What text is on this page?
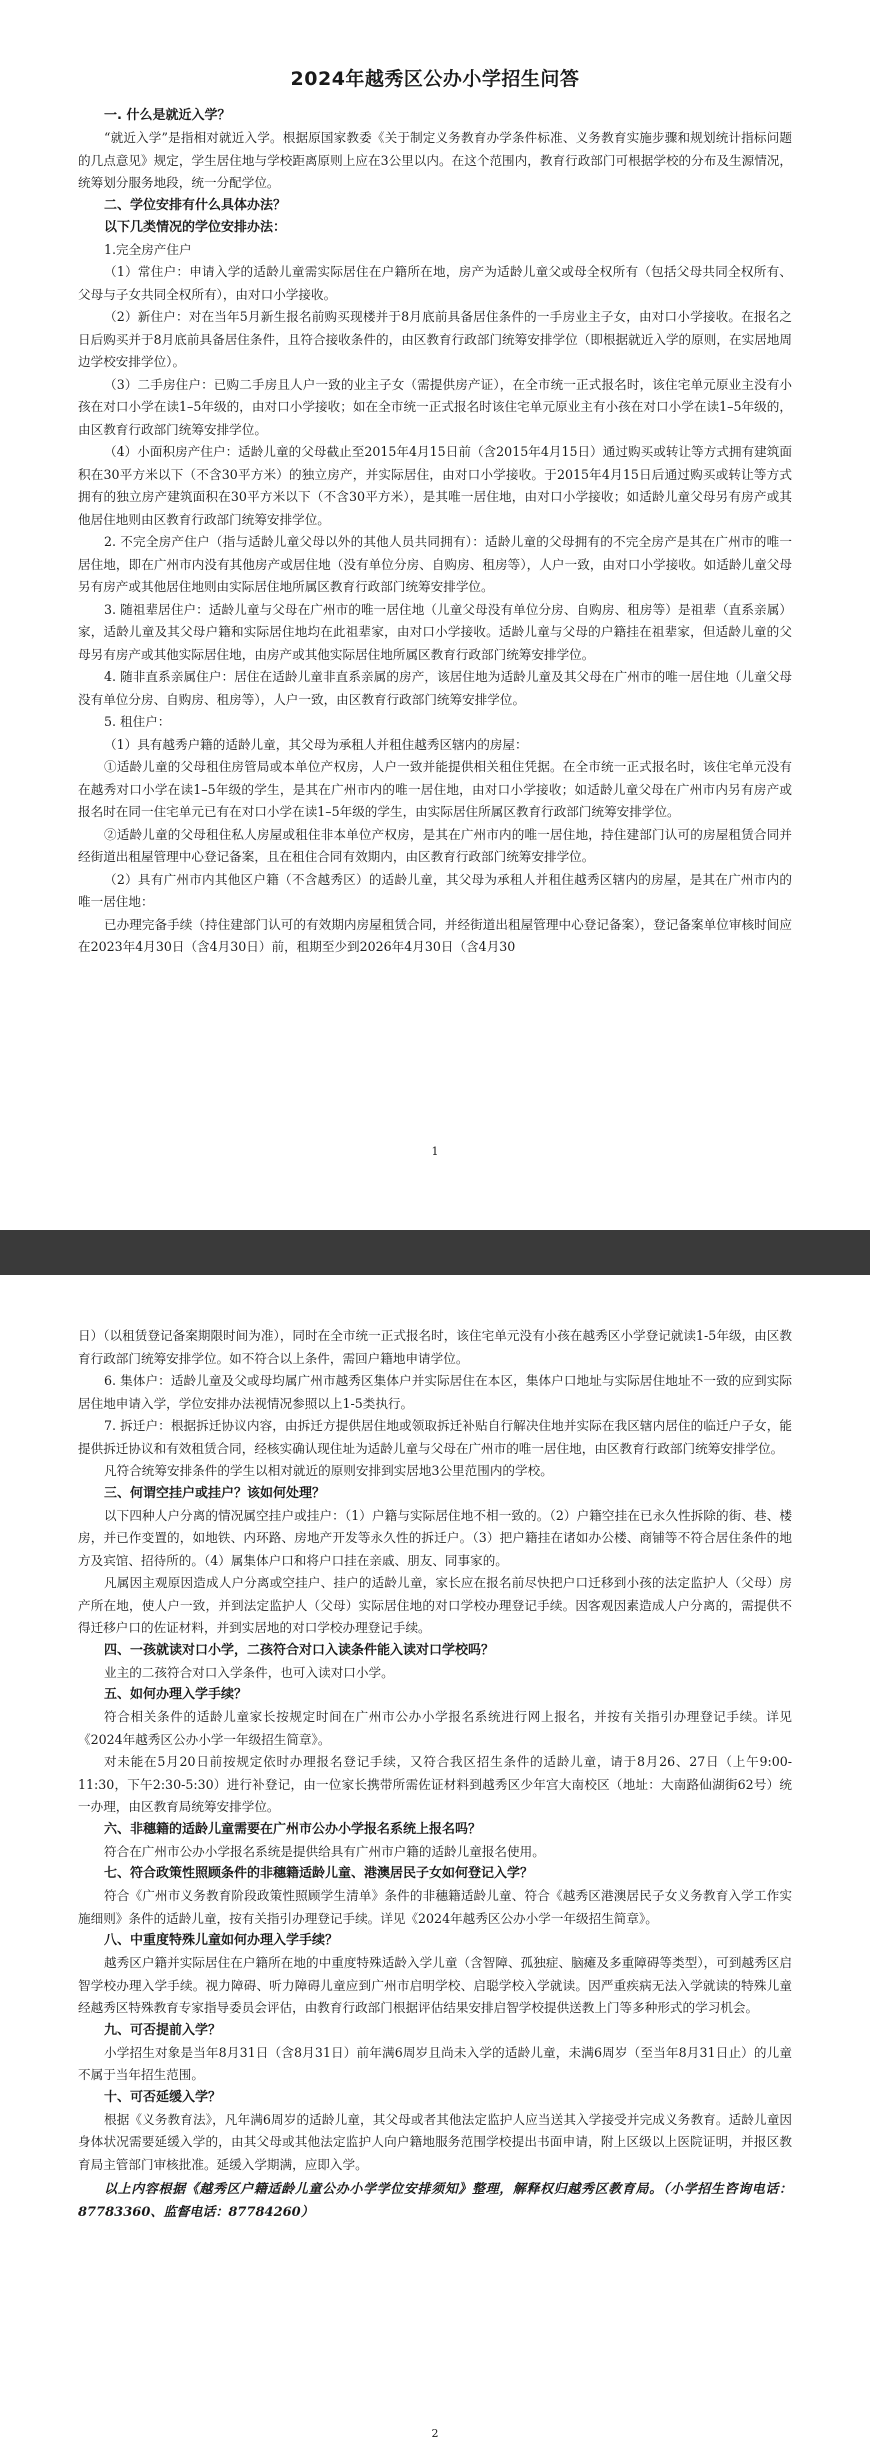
2024年越秀区公办小学招生问答
一. 什么是就近入学？
“就近入学”是指相对就近入学。根据原国家教委《关于制定义务教育办学条件标准、义务教育实施步骤和规划统计指标问题的几点意见》规定，学生居住地与学校距离原则上应在3公里以内。在这个范围内，教育行政部门可根据学校的分布及生源情况，统筹划分服务地段，统一分配学位。
二、学位安排有什么具体办法？
以下几类情况的学位安排办法：
1.完全房产住户
（1）常住户：申请入学的适龄儿童需实际居住在户籍所在地，房产为适龄儿童父或母全权所有（包括父母共同全权所有、父母与子女共同全权所有），由对口小学接收。
（2）新住户：对在当年5月新生报名前购买现楼并于8月底前具备居住条件的一手房业主子女，由对口小学接收。在报名之日后购买并于8月底前具备居住条件，且符合接收条件的，由区教育行政部门统筹安排学位（即根据就近入学的原则，在实居地周边学校安排学位）。
（3）二手房住户：已购二手房且人户一致的业主子女（需提供房产证），在全市统一正式报名时，该住宅单元原业主没有小孩在对口小学在读1–5年级的，由对口小学接收；如在全市统一正式报名时该住宅单元原业主有小孩在对口小学在读1–5年级的，由区教育行政部门统筹安排学位。
（4）小面积房产住户：适龄儿童的父母截止至2015年4月15日前（含2015年4月15日）通过购买或转让等方式拥有建筑面积在30平方米以下（不含30平方米）的独立房产，并实际居住，由对口小学接收。于2015年4月15日后通过购买或转让等方式拥有的独立房产建筑面积在30平方米以下（不含30平方米），是其唯一居住地，由对口小学接收；如适龄儿童父母另有房产或其他居住地则由区教育行政部门统筹安排学位。
2. 不完全房产住户（指与适龄儿童父母以外的其他人员共同拥有）：适龄儿童的父母拥有的不完全房产是其在广州市的唯一居住地，即在广州市内没有其他房产或居住地（没有单位分房、自购房、租房等），人户一致，由对口小学接收。如适龄儿童父母另有房产或其他居住地则由实际居住地所属区教育行政部门统筹安排学位。
3. 随祖辈居住户：适龄儿童与父母在广州市的唯一居住地（儿童父母没有单位分房、自购房、租房等）是祖辈（直系亲属）家，适龄儿童及其父母户籍和实际居住地均在此祖辈家，由对口小学接收。适龄儿童与父母的户籍挂在祖辈家，但适龄儿童的父母另有房产或其他实际居住地，由房产或其他实际居住地所属区教育行政部门统筹安排学位。
4. 随非直系亲属住户：居住在适龄儿童非直系亲属的房产，该居住地为适龄儿童及其父母在广州市的唯一居住地（儿童父母没有单位分房、自购房、租房等），人户一致，由区教育行政部门统筹安排学位。
5. 租住户：
（1）具有越秀户籍的适龄儿童，其父母为承租人并租住越秀区辖内的房屋：
①适龄儿童的父母租住房管局或本单位产权房，人户一致并能提供相关租住凭据。在全市统一正式报名时，该住宅单元没有在越秀对口小学在读1–5年级的学生，是其在广州市内的唯一居住地，由对口小学接收；如适龄儿童父母在广州市内另有房产或报名时在同一住宅单元已有在对口小学在读1–5年级的学生，由实际居住所属区教育行政部门统筹安排学位。
②适龄儿童的父母租住私人房屋或租住非本单位产权房，是其在广州市内的唯一居住地，持住建部门认可的房屋租赁合同并经街道出租屋管理中心登记备案，且在租住合同有效期内，由区教育行政部门统筹安排学位。
（2）具有广州市内其他区户籍（不含越秀区）的适龄儿童，其父母为承租人并租住越秀区辖内的房屋，是其在广州市内的唯一居住地：
已办理完备手续（持住建部门认可的有效期内房屋租赁合同，并经街道出租屋管理中心登记备案），登记备案单位审核时间应在2023年4月30日（含4月30日）前，租期至少到2026年4月30日（含4月30
1
日）（以租赁登记备案期限时间为准），同时在全市统一正式报名时，该住宅单元没有小孩在越秀区小学登记就读1-5年级，由区教育行政部门统筹安排学位。如不符合以上条件，需回户籍地申请学位。
6. 集体户：适龄儿童及父或母均属广州市越秀区集体户并实际居住在本区，集体户口地址与实际居住地址不一致的应到实际居住地申请入学，学位安排办法视情况参照以上1-5类执行。
7. 拆迁户：根据拆迁协议内容，由拆迁方提供居住地或领取拆迁补贴自行解决住地并实际在我区辖内居住的临迁户子女，能提供拆迁协议和有效租赁合同，经核实确认现住址为适龄儿童与父母在广州市的唯一居住地，由区教育行政部门统筹安排学位。
凡符合统筹安排条件的学生以相对就近的原则安排到实居地3公里范围内的学校。
三、何谓空挂户或挂户？该如何处理？
以下四种人户分离的情况属空挂户或挂户：（1）户籍与实际居住地不相一致的。（2）户籍空挂在已永久性拆除的街、巷、楼房，并已作变置的，如地铁、内环路、房地产开发等永久性的拆迁户。（3）把户籍挂在诸如办公楼、商铺等不符合居住条件的地方及宾馆、招待所的。（4）属集体户口和将户口挂在亲戚、朋友、同事家的。
凡属因主观原因造成人户分离或空挂户、挂户的适龄儿童，家长应在报名前尽快把户口迁移到小孩的法定监护人（父母）房产所在地，使人户一致，并到法定监护人（父母）实际居住地的对口学校办理登记手续。因客观因素造成人户分离的，需提供不得迁移户口的佐证材料，并到实居地的对口学校办理登记手续。
四、一孩就读对口小学，二孩符合对口入读条件能入读对口学校吗？
业主的二孩符合对口入学条件，也可入读对口小学。
五、如何办理入学手续？
符合相关条件的适龄儿童家长按规定时间在广州市公办小学报名系统进行网上报名，并按有关指引办理登记手续。详见《2024年越秀区公办小学一年级招生简章》。
对未能在5月20日前按规定依时办理报名登记手续，又符合我区招生条件的适龄儿童，请于8月26、27日（上午9:00-11:30，下午2:30-5:30）进行补登记，由一位家长携带所需佐证材料到越秀区少年宫大南校区（地址：大南路仙湖街62号）统一办理，由区教育局统筹安排学位。
六、非穗籍的适龄儿童需要在广州市公办小学报名系统上报名吗？
符合在广州市公办小学报名系统是提供给具有广州市户籍的适龄儿童报名使用。
七、符合政策性照顾条件的非穗籍适龄儿童、港澳居民子女如何登记入学？
符合《广州市义务教育阶段政策性照顾学生清单》条件的非穗籍适龄儿童、符合《越秀区港澳居民子女义务教育入学工作实施细则》条件的适龄儿童，按有关指引办理登记手续。详见《2024年越秀区公办小学一年级招生简章》。
八、中重度特殊儿童如何办理入学手续？
越秀区户籍并实际居住在户籍所在地的中重度特殊适龄入学儿童（含智障、孤独症、脑瘫及多重障碍等类型），可到越秀区启智学校办理入学手续。视力障碍、听力障碍儿童应到广州市启明学校、启聪学校入学就读。因严重疾病无法入学就读的特殊儿童经越秀区特殊教育专家指导委员会评估，由教育行政部门根据评估结果安排启智学校提供送教上门等多种形式的学习机会。
九、可否提前入学？
小学招生对象是当年8月31日（含8月31日）前年满6周岁且尚未入学的适龄儿童，未满6周岁（至当年8月31日止）的儿童不属于当年招生范围。
十、可否延缓入学？
根据《义务教育法》，凡年满6周岁的适龄儿童，其父母或者其他法定监护人应当送其入学接受并完成义务教育。适龄儿童因身体状况需要延缓入学的，由其父母或其他法定监护人向户籍地服务范围学校提出书面申请，附上区级以上医院证明，并报区教育局主管部门审核批准。延缓入学期满，应即入学。
以上内容根据《越秀区户籍适龄儿童公办小学学位安排须知》整理，解释权归越秀区教育局。（小学招生咨询电话：87783360、监督电话：87784260）
2
